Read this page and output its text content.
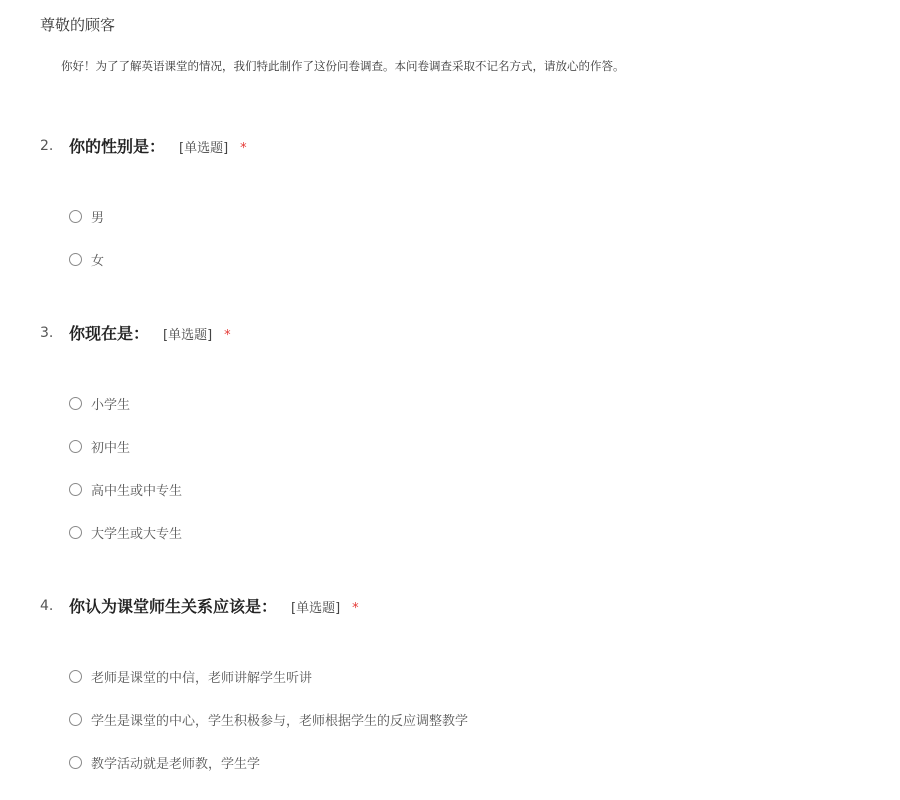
尊敬的顾客
你好！为了了解英语课堂的情况，我们特此制作了这份问卷调查。本问卷调查采取不记名方式，请放心的作答。
2. 你的性别是： [单选题] *
男
女
3. 你现在是： [单选题] *
小学生
初中生
高中生或中专生
大学生或大专生
4. 你认为课堂师生关系应该是： [单选题] *
老师是课堂的中信，老师讲解学生听讲
学生是课堂的中心，学生积极参与，老师根据学生的反应调整教学
教学活动就是老师教，学生学
